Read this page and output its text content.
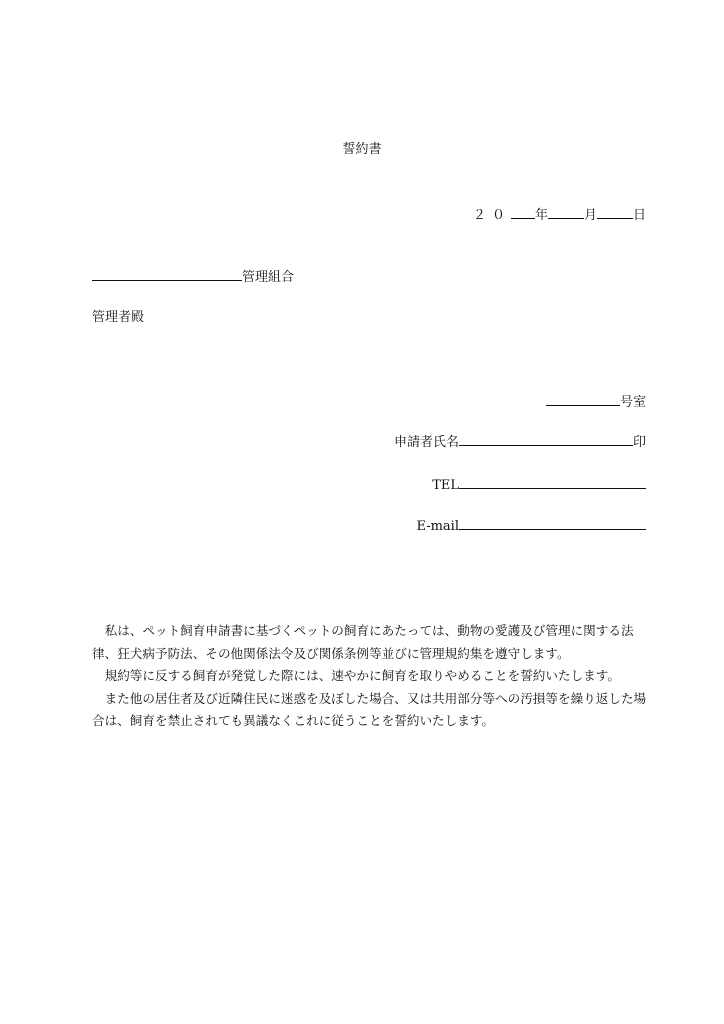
誓約書
２０ 年	月	日
管理組合
管理者殿
号室
申請者氏名	印
TEL
E-mail

私は、ペット飼育申請書に基づくペットの飼育にあたっては、動物の愛護及び管理に関する法律、狂犬病予防法、その他関係法令及び関係条例等並びに管理規約集を遵守します。

規約等に反する飼育が発覚した際には、速やかに飼育を取りやめることを誓約いたします。

また他の居住者及び近隣住民に迷惑を及ぼした場合、又は共用部分等への汚損等を繰り返した場合は、飼育を禁止されても異議なくこれに従うことを誓約いたします。
